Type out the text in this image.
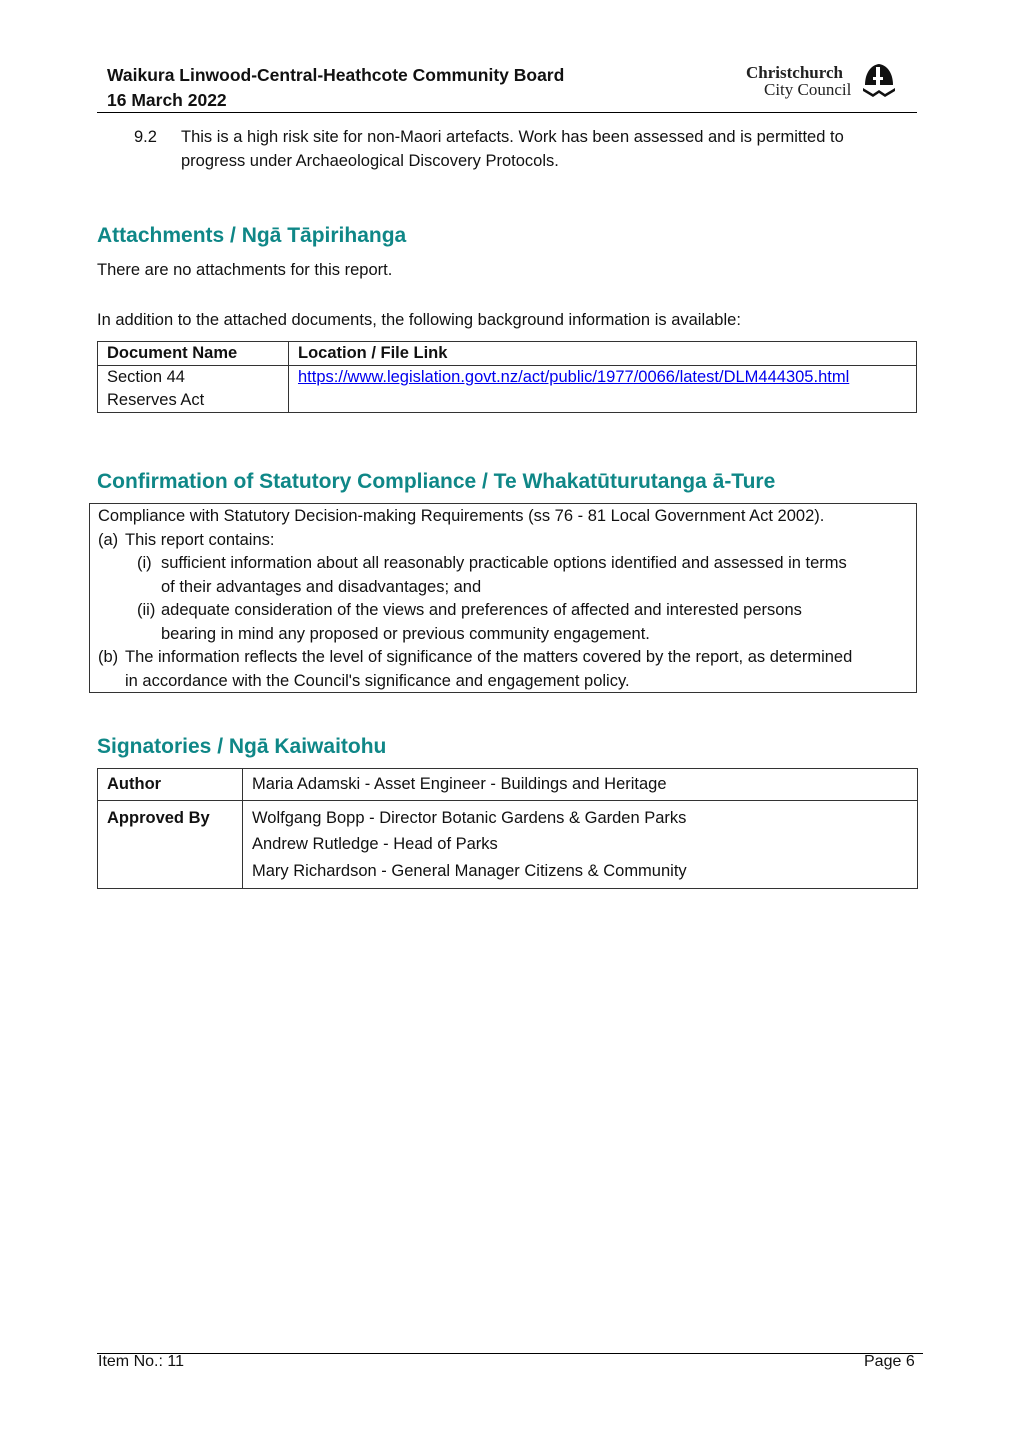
Waikura Linwood-Central-Heathcote Community Board
16 March 2022
Christchurch
City Council
9.2 This is a high risk site for non-Maori artefacts. Work has been assessed and is permitted to progress under Archaeological Discovery Protocols.
Attachments / Ngā Tāpirihanga
There are no attachments for this report.
In addition to the attached documents, the following background information is available:
Document Name	Location / File Link

Section 44
Reserves Act	https://www.legislation.govt.nz/act/public/1977/0066/latest/DLM444305.html
Confirmation of Statutory Compliance / Te Whakatūturutanga ā-Ture
Compliance with Statutory Decision-making Requirements (ss 76 - 81 Local Government Act 2002).
(a) This report contains:
(i) sufficient information about all reasonably practicable options identified and assessed in terms
of their advantages and disadvantages; and
(ii) adequate consideration of the views and preferences of affected and interested persons
bearing in mind any proposed or previous community engagement.
(b) The information reflects the level of significance of the matters covered by the report, as determined
in accordance with the Council's significance and engagement policy.
Signatories / Ngā Kaiwaitohu
Author	Maria Adamski - Asset Engineer - Buildings and Heritage
Approved By	Wolfgang Bopp - Director Botanic Gardens & Garden Parks
Andrew Rutledge - Head of Parks
Mary Richardson - General Manager Citizens & Community
Item No.: 11	Page 6
